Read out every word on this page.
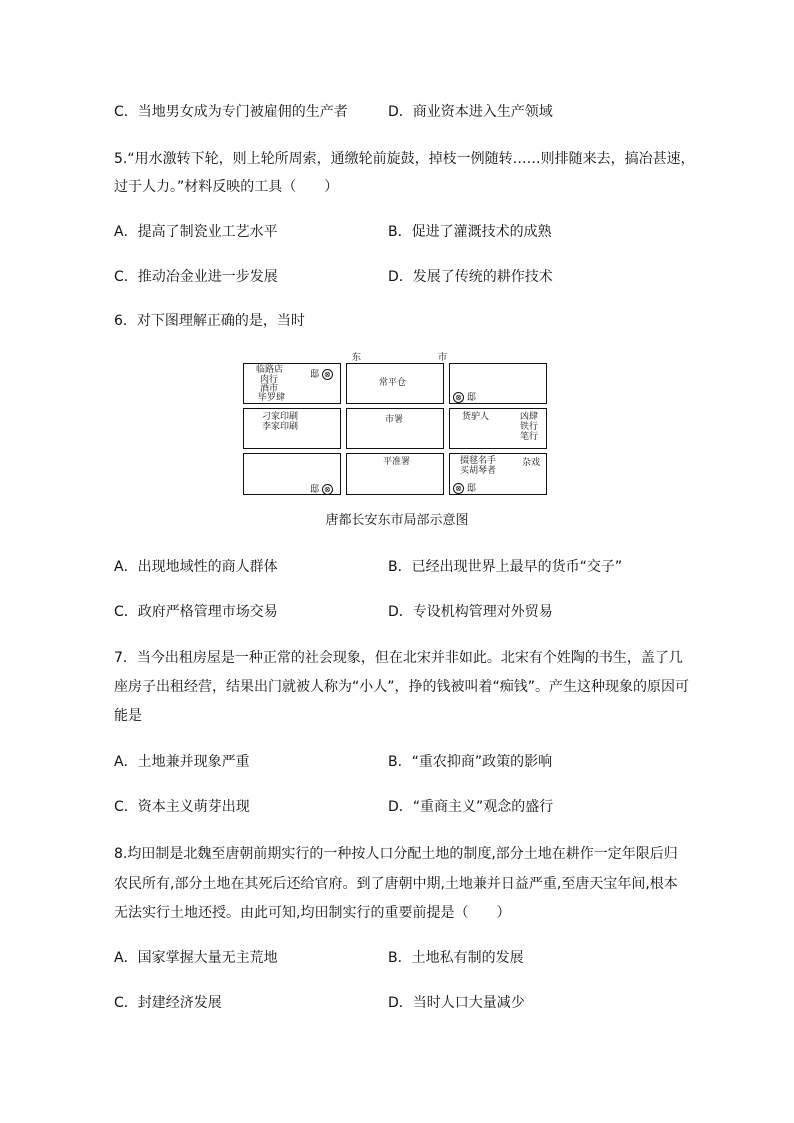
C．当地男女成为专门被雇佣的生产者	D．商业资本进入生产领域
5.“用水激转下轮，则上轮所周索，通缴轮前旋鼓，掉枝一例随转……则排随来去，搞冶甚速，
过于人力。”材料反映的工具（　　）
A．提高了制瓷业工艺水平	B．促进了灌溉技术的成熟
C．推动冶金业进一步发展	D．发展了传统的耕作技术
6．对下图理解正确的是，当时
东	市
临路店
肉行
酒市
毕罗肆
邸 ⊗
常平仓
⊗ 邸
刁家印刷
李家印刷
市署	货驴人	凶肆
铁行
笔行
邸 ⊗
平准署	掇毬名手
买胡琴者
杂戏
⊗ 邸
唐都长安东市局部示意图
A．出现地域性的商人群体	B．已经出现世界上最早的货币“交子”
C．政府严格管理市场交易	D．专设机构管理对外贸易
7．当今出租房屋是一种正常的社会现象，但在北宋并非如此。北宋有个姓陶的书生，盖了几
座房子出租经营，结果出门就被人称为“小人”，挣的钱被叫着“痴钱”。产生这种现象的原因可
能是
A．土地兼并现象严重	B．“重农抑商”政策的影响
C．资本主义萌芽出现	D．“重商主义”观念的盛行
8.均田制是北魏至唐朝前期实行的一种按人口分配土地的制度,部分土地在耕作一定年限后归
农民所有,部分土地在其死后还给官府。到了唐朝中期,土地兼并日益严重,至唐天宝年间,根本
无法实行土地还授。由此可知,均田制实行的重要前提是（　　）
A．国家掌握大量无主荒地	B．土地私有制的发展
C．封建经济发展	D．当时人口大量减少
